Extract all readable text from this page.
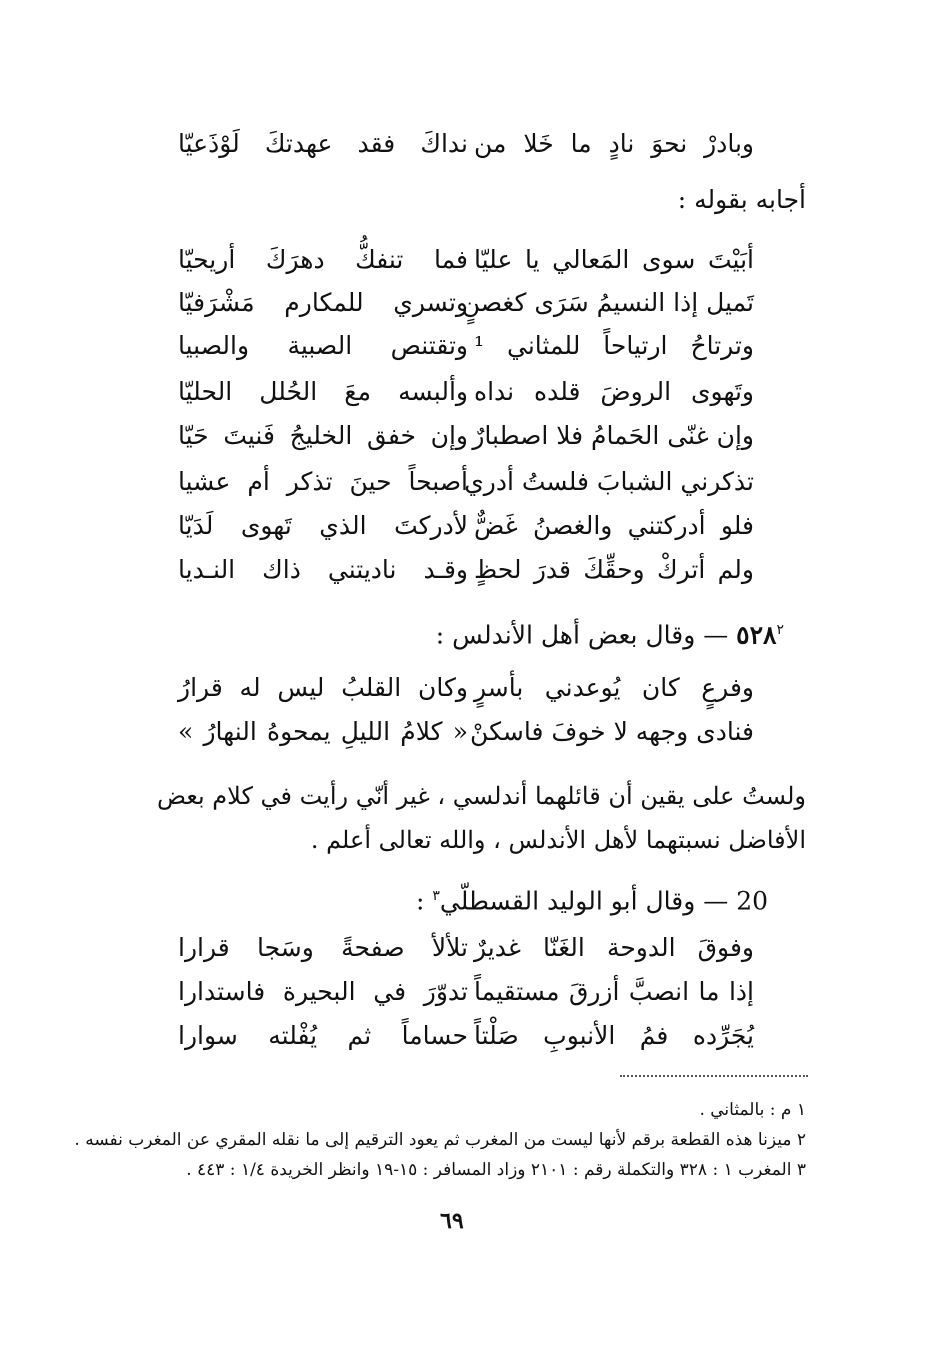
وبادرْ نحوَ نادٍ ما خَلا من
نداكَ فقد عهدتكَ لَوْذَعيّا
أجابه بقوله :
أبَيْتَ سوى المَعالي يا عليّا
فما تنفكُّ دهرَكَ أريحيّا
تَميل إذا النسيمُ سَرَى كغصنٍ
وتسري للمكارم مَشْرَفيّا
وترتاحُ ارتياحاً للمثاني ¹
وتقتنص الصبية والصبيا
وتَهوى الروضَ قلده نداه
وألبسه معَ الحُلل الحليّا
وإن غنّى الحَمامُ فلا اصطبارٌ
وإن خفق الخليجُ فَنيتَ حَيّا
تذكرني الشبابَ فلستُ أدري
أصبحاً حينَ تذكر أم عشيا
فلو أدركتني والغصنُ غَضٌّ
لأدركتَ الذي تَهوى لَدَيّا
ولم أتركْ وحقِّكَ قدرَ لحظٍ
وقـد ناديتني ذاك النـديا
$٥٢٨^٢$ — وقال بعض أهل الأندلس :
وفرعٍ كان يُوعدني بأسرٍ
وكان القلبُ ليس له قرارُ
فنادى وجهه لا خوفَ فاسكنْ
« كلامُ الليلِ يمحوهُ النهارُ »
ولستُ على يقين أن قائلهما أندلسي ، غير أنّي رأيت في كلام بعض
الأفاضل نسبتهما لأهل الأندلس ، والله تعالى أعلم .
20 — وقال أبو الوليد القسطلّي$^٣$ :
وفوقَ الدوحة الغَنّا غديرٌ
تلألأ صفحةً وسَجا قرارا
إذا ما انصبَّ أزرقَ مستقيماً
تدوّرَ في البحيرة فاستدارا
يُجَرِّده فمُ الأنبوبِ صَلْتاً
حساماً ثم يُفْلته سوارا
١ م : بالمثاني .
٢ ميزنا هذه القطعة برقم لأنها ليست من المغرب ثم يعود الترقيم إلى ما نقله المقري عن المغرب نفسه .
٣ المغرب ١ : ٣٢٨ والتكملة رقم : ٢١٠١ وزاد المسافر : ١٥-١٩ وانظر الخريدة ١/٤ : ٤٤٣ .
٦٩
